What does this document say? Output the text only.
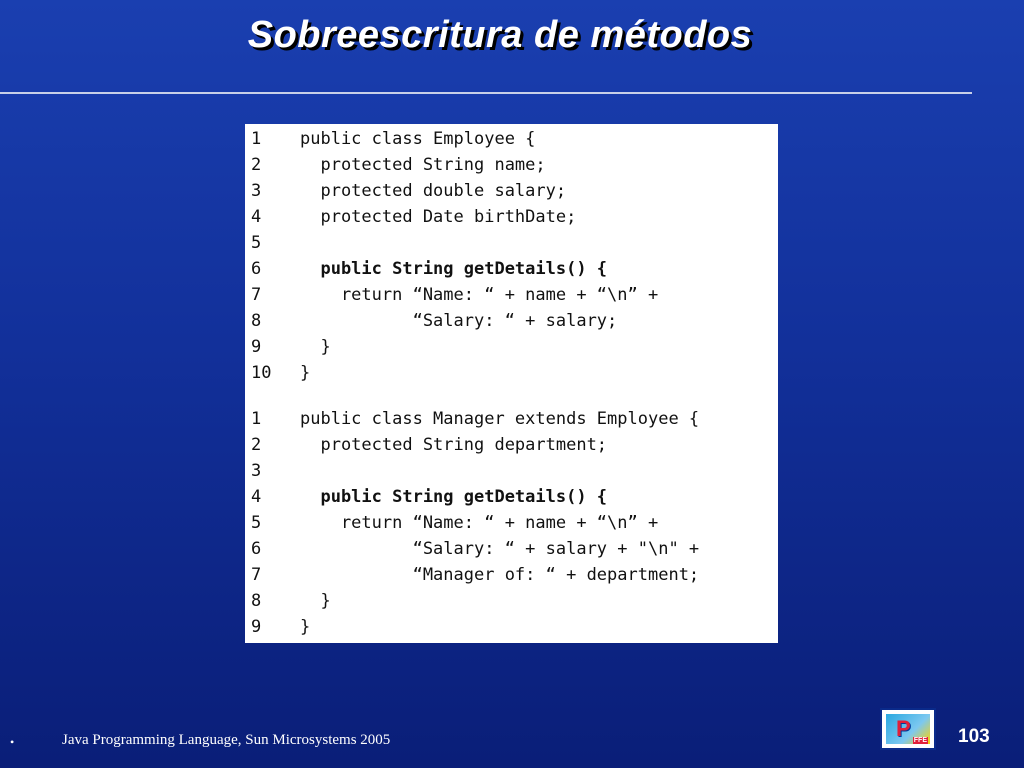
Sobreescritura de métodos
1	public class Employee {
2	protected String name;
3	protected double salary;
4	protected Date birthDate;
5
6	public String getDetails() {
7	return “Name: “ + name + “\n” +
8	“Salary: “ + salary;
9	}
10	}
1	public class Manager extends Employee {
2	protected String department;
3
4	public String getDetails() {
5	return “Name: “ + name + “\n” +
6	“Salary: “ + salary + "\n" +
7	“Manager of: “ + department;
8	}
9	}
•	Java Programming Language, Sun Microsystems 2005	P FFE 103
